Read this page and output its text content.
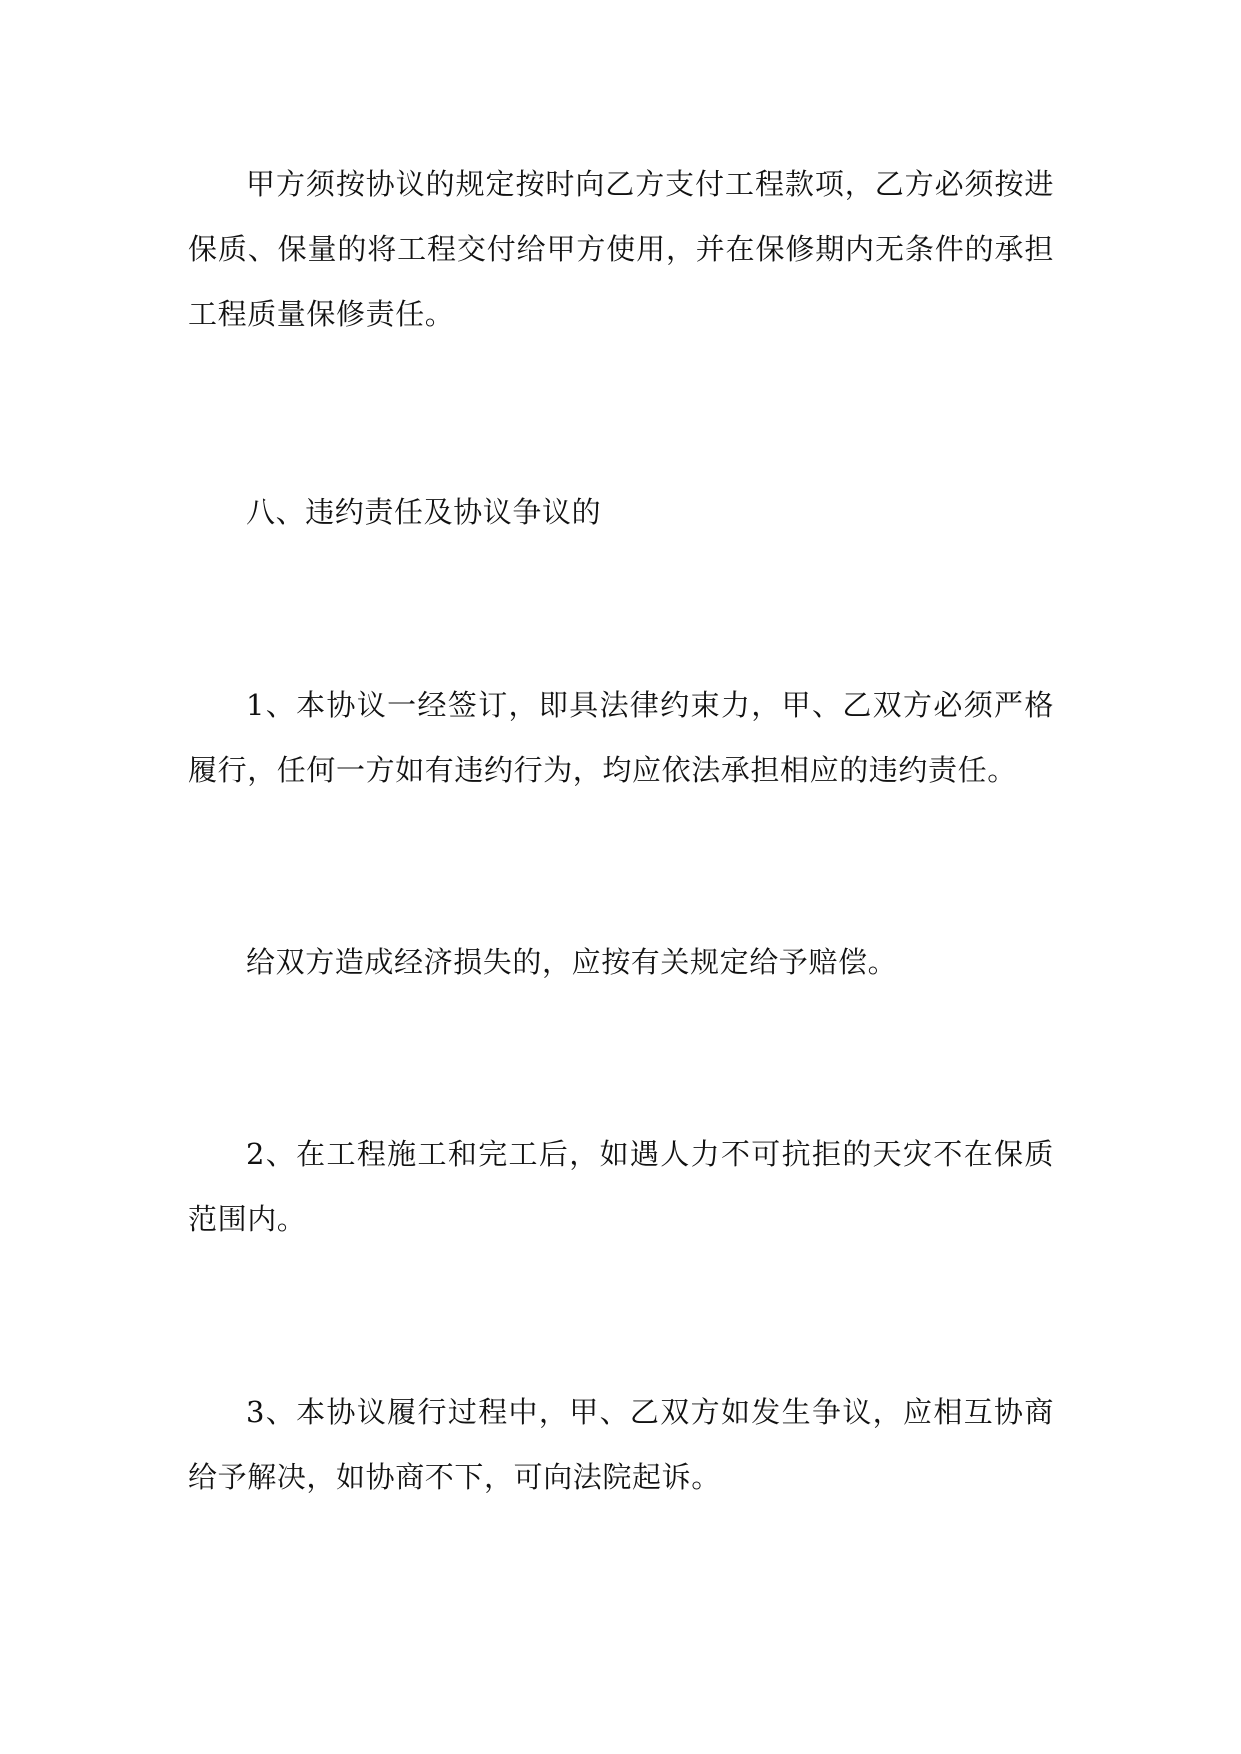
甲方须按协议的规定按时向乙方支付工程款项，乙方必须按进保质、保量的将工程交付给甲方使用，并在保修期内无条件的承担工程质量保修责任。

八、违约责任及协议争议的

1、本协议一经签订，即具法律约束力，甲、乙双方必须严格履行，任何一方如有违约行为，均应依法承担相应的违约责任。

给双方造成经济损失的，应按有关规定给予赔偿。

2、在工程施工和完工后，如遇人力不可抗拒的天灾不在保质范围内。

3、本协议履行过程中，甲、乙双方如发生争议，应相互协商给予解决，如协商不下，可向法院起诉。
